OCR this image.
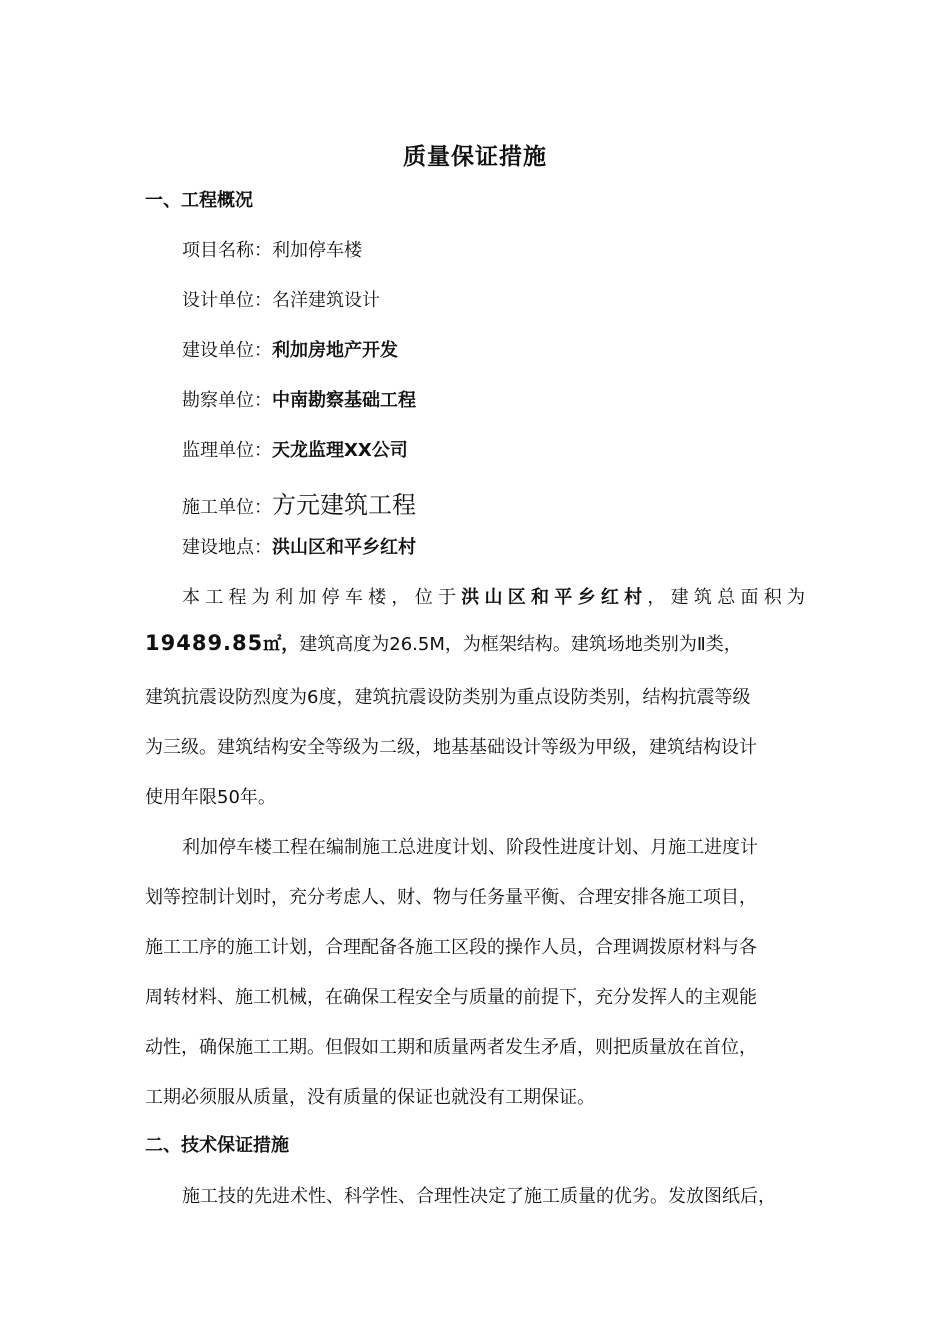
质量保证措施
一、工程概况
项目名称：利加停车楼
设计单位：名洋建筑设计
建设单位：利加房地产开发
勘察单位：中南勘察基础工程
监理单位：天龙监理XX公司
施工单位：方元建筑工程
建设地点：洪山区和平乡红村
本工程为利加停车楼，位于洪山区和平乡红村，建筑总面积为
19489.85㎡，建筑高度为26.5M，为框架结构。建筑场地类别为Ⅱ类，
建筑抗震设防烈度为6度，建筑抗震设防类别为重点设防类别，结构抗震等级
为三级。建筑结构安全等级为二级，地基基础设计等级为甲级，建筑结构设计
使用年限50年。
利加停车楼工程在编制施工总进度计划、阶段性进度计划、月施工进度计
划等控制计划时，充分考虑人、财、物与任务量平衡、合理安排各施工项目，
施工工序的施工计划，合理配备各施工区段的操作人员，合理调拨原材料与各
周转材料、施工机械，在确保工程安全与质量的前提下，充分发挥人的主观能
动性，确保施工工期。但假如工期和质量两者发生矛盾，则把质量放在首位，
工期必须服从质量，没有质量的保证也就没有工期保证。
二、技术保证措施
施工技的先进术性、科学性、合理性决定了施工质量的优劣。发放图纸后，
